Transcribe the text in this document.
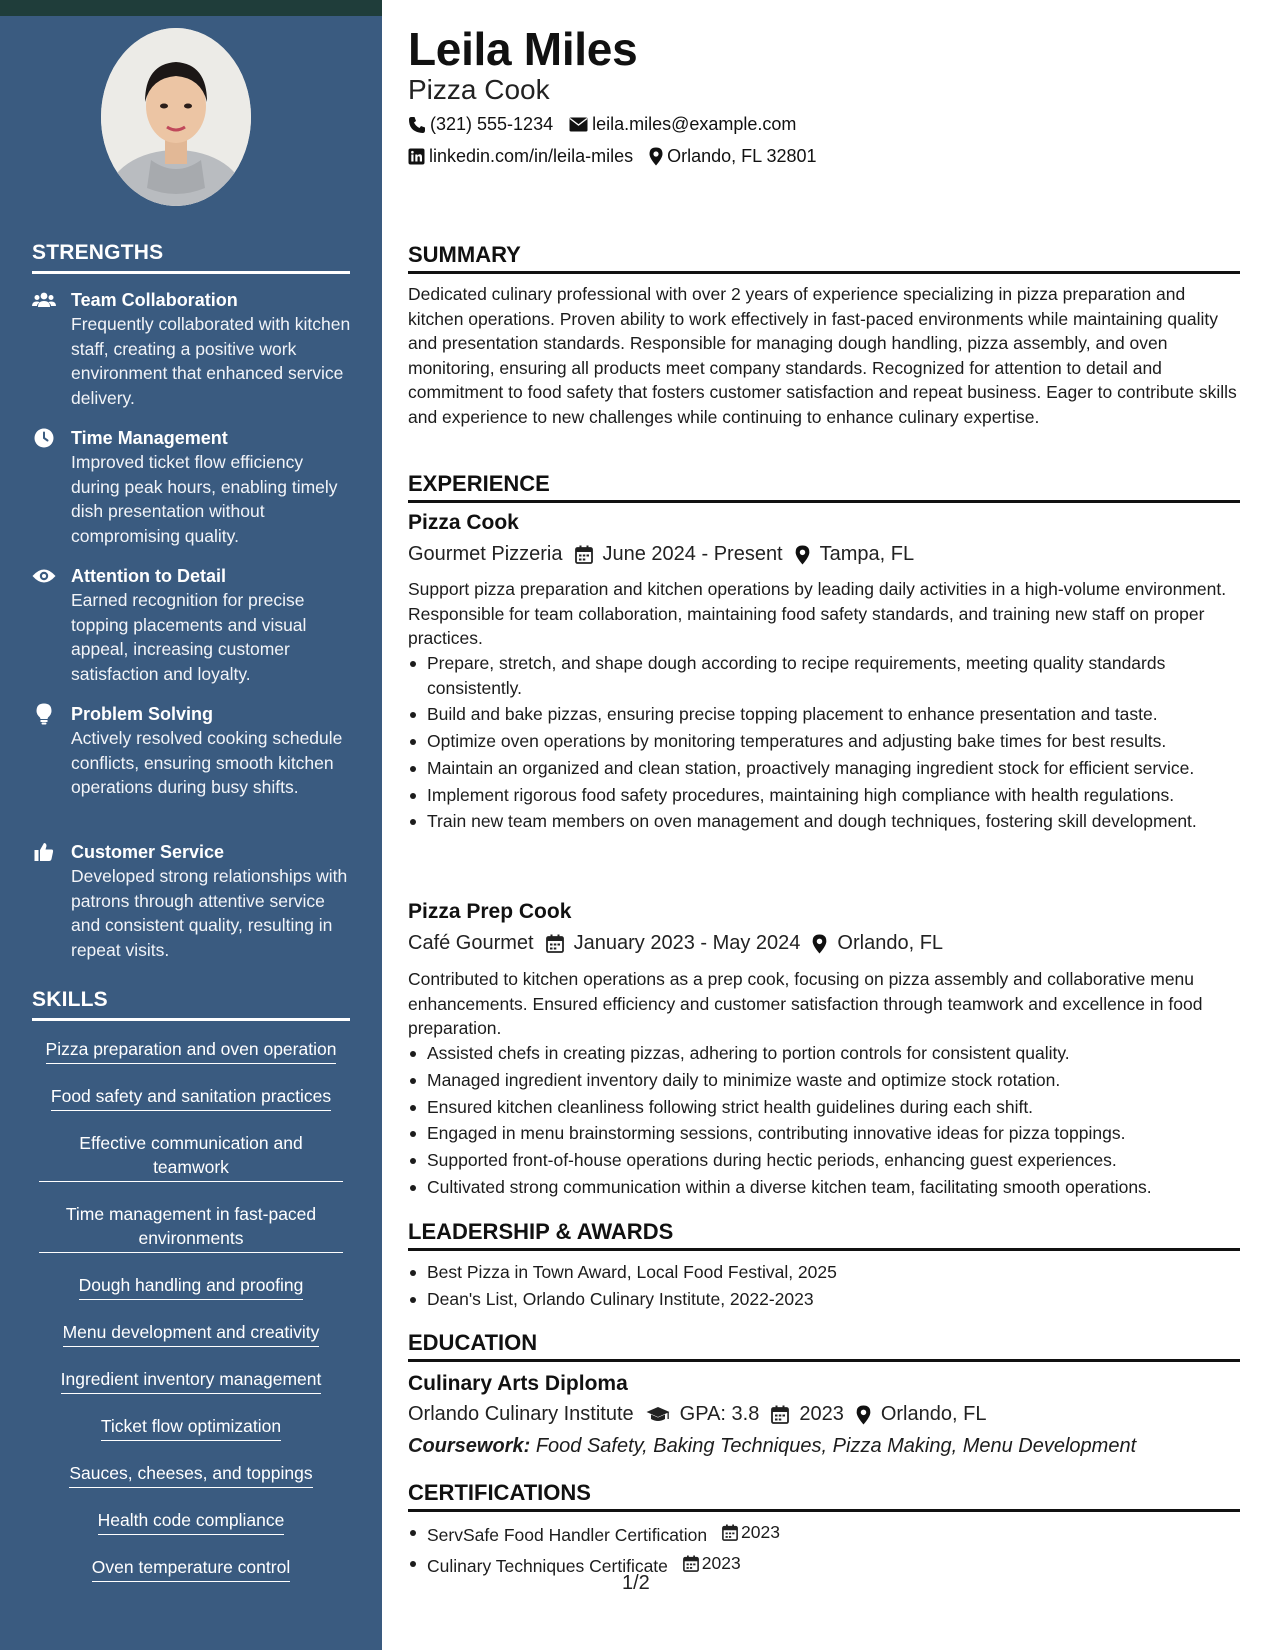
STRENGTHS
Team Collaboration
Frequently collaborated with kitchen staff, creating a positive work environment that enhanced service delivery.
Time Management
Improved ticket flow efficiency during peak hours, enabling timely dish presentation without compromising quality.
Attention to Detail
Earned recognition for precise topping placements and visual appeal, increasing customer satisfaction and loyalty.
Problem Solving
Actively resolved cooking schedule conflicts, ensuring smooth kitchen operations during busy shifts.
Customer Service
Developed strong relationships with patrons through attentive service and consistent quality, resulting in repeat visits.
SKILLS
Pizza preparation and oven operation
Food safety and sanitation practices
Effective communication and teamwork
Time management in fast-paced environments
Dough handling and proofing
Menu development and creativity
Ingredient inventory management
Ticket flow optimization
Sauces, cheeses, and toppings
Health code compliance
Oven temperature control
Leila Miles
Pizza Cook
(321) 555-1234 leila.miles@example.com
linkedin.com/in/leila-miles Orlando, FL 32801
SUMMARY
Dedicated culinary professional with over 2 years of experience specializing in pizza preparation and kitchen operations. Proven ability to work effectively in fast-paced environments while maintaining quality and presentation standards. Responsible for managing dough handling, pizza assembly, and oven monitoring, ensuring all products meet company standards. Recognized for attention to detail and commitment to food safety that fosters customer satisfaction and repeat business. Eager to contribute skills and experience to new challenges while continuing to enhance culinary expertise.
EXPERIENCE
Pizza Cook
Gourmet Pizzeria June 2024 - Present Tampa, FL
Support pizza preparation and kitchen operations by leading daily activities in a high-volume environment. Responsible for team collaboration, maintaining food safety standards, and training new staff on proper practices.
Prepare, stretch, and shape dough according to recipe requirements, meeting quality standards consistently.
Build and bake pizzas, ensuring precise topping placement to enhance presentation and taste.
Optimize oven operations by monitoring temperatures and adjusting bake times for best results.
Maintain an organized and clean station, proactively managing ingredient stock for efficient service.
Implement rigorous food safety procedures, maintaining high compliance with health regulations.
Train new team members on oven management and dough techniques, fostering skill development.
Pizza Prep Cook
Café Gourmet January 2023 - May 2024 Orlando, FL
Contributed to kitchen operations as a prep cook, focusing on pizza assembly and collaborative menu enhancements. Ensured efficiency and customer satisfaction through teamwork and excellence in food preparation.
Assisted chefs in creating pizzas, adhering to portion controls for consistent quality.
Managed ingredient inventory daily to minimize waste and optimize stock rotation.
Ensured kitchen cleanliness following strict health guidelines during each shift.
Engaged in menu brainstorming sessions, contributing innovative ideas for pizza toppings.
Supported front-of-house operations during hectic periods, enhancing guest experiences.
Cultivated strong communication within a diverse kitchen team, facilitating smooth operations.
LEADERSHIP & AWARDS
Best Pizza in Town Award, Local Food Festival, 2025
Dean's List, Orlando Culinary Institute, 2022-2023
EDUCATION
Culinary Arts Diploma
Orlando Culinary Institute GPA: 3.8 2023 Orlando, FL
Coursework: Food Safety, Baking Techniques, Pizza Making, Menu Development
CERTIFICATIONS
ServSafe Food Handler Certification 2023
Culinary Techniques Certificate 2023
1/2
